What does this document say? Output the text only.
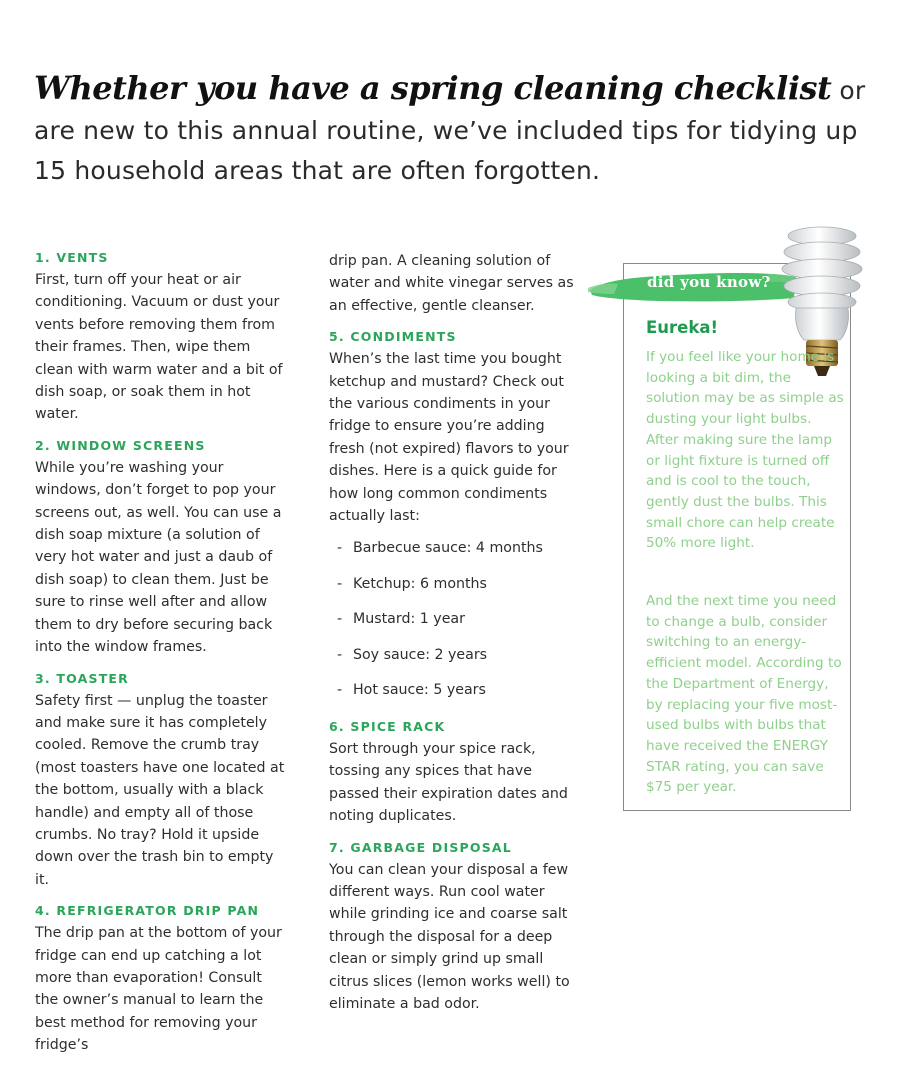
Whether you have a spring cleaning checklist or are new to this annual routine, we’ve included tips for tidying up 15 household areas that are often forgotten.
1. VENTS
First, turn off your heat or air conditioning. Vacuum or dust your vents before removing them from their frames. Then, wipe them clean with warm water and a bit of dish soap, or soak them in hot water.
2. WINDOW SCREENS
While you’re washing your windows, don’t forget to pop your screens out, as well. You can use a dish soap mixture (a solution of very hot water and just a daub of dish soap) to clean them. Just be sure to rinse well after and allow them to dry before securing back into the window frames.
3. TOASTER
Safety first — unplug the toaster and make sure it has completely cooled. Remove the crumb tray (most toasters have one located at the bottom, usually with a black handle) and empty all of those crumbs. No tray? Hold it upside down over the trash bin to empty it.
4. REFRIGERATOR DRIP PAN
The drip pan at the bottom of your fridge can end up catching a lot more than evaporation! Consult the owner’s manual to learn the best method for removing your fridge’s
drip pan. A cleaning solution of water and white vinegar serves as an effective, gentle cleanser.
5. CONDIMENTS
When’s the last time you bought ketchup and mustard? Check out the various condiments in your fridge to ensure you’re adding fresh (not expired) flavors to your dishes. Here is a quick guide for how long common condiments actually last:
- Barbecue sauce: 4 months
- Ketchup: 6 months
- Mustard: 1 year
- Soy sauce: 2 years
- Hot sauce: 5 years
6. SPICE RACK
Sort through your spice rack, tossing any spices that have passed their expiration dates and noting duplicates.
7. GARBAGE DISPOSAL
You can clean your disposal a few different ways. Run cool water while grinding ice and coarse salt through the disposal for a deep clean or simply grind up small citrus slices (lemon works well) to eliminate a bad odor.
did you know?
Eureka!
If you feel like your home is looking a bit dim, the solution may be as simple as dusting your light bulbs. After making sure the lamp or light fixture is turned off and is cool to the touch, gently dust the bulbs. This small chore can help create 50% more light.
And the next time you need to change a bulb, consider switching to an energy-efficient model. According to the Department of Energy, by replacing your five most-used bulbs with bulbs that have received the ENERGY STAR rating, you can save $75 per year.
